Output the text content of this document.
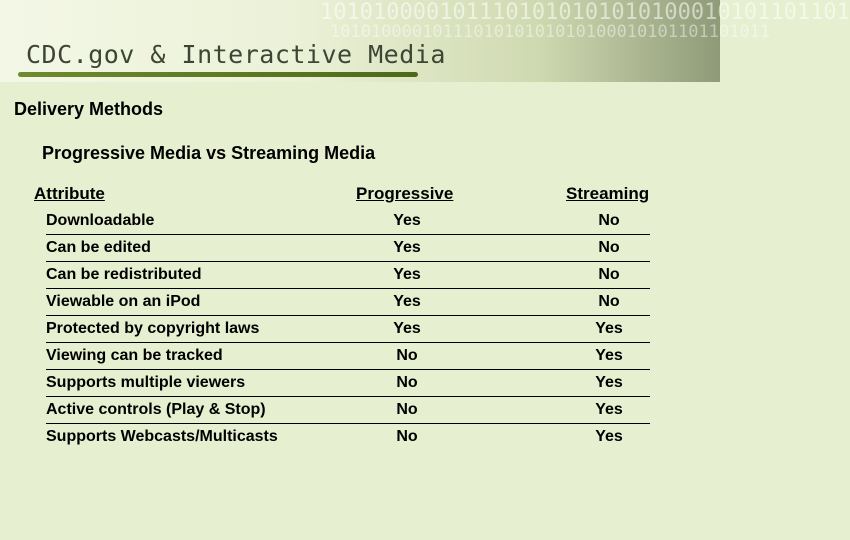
1010100001011101010101010100010101101101
1010100001011101010101010100010101101101011
CDC.gov & Interactive Media
Delivery Methods
Progressive Media vs Streaming Media
Attribute	Progressive	Streaming
Downloadable	Yes	No
Can be edited	Yes	No
Can be redistributed	Yes	No
Viewable on an iPod	Yes	No
Protected by copyright laws	Yes	Yes
Viewing can be tracked	No	Yes
Supports multiple viewers	No	Yes
Active controls (Play & Stop)	No	Yes
Supports Webcasts/Multicasts	No	Yes
